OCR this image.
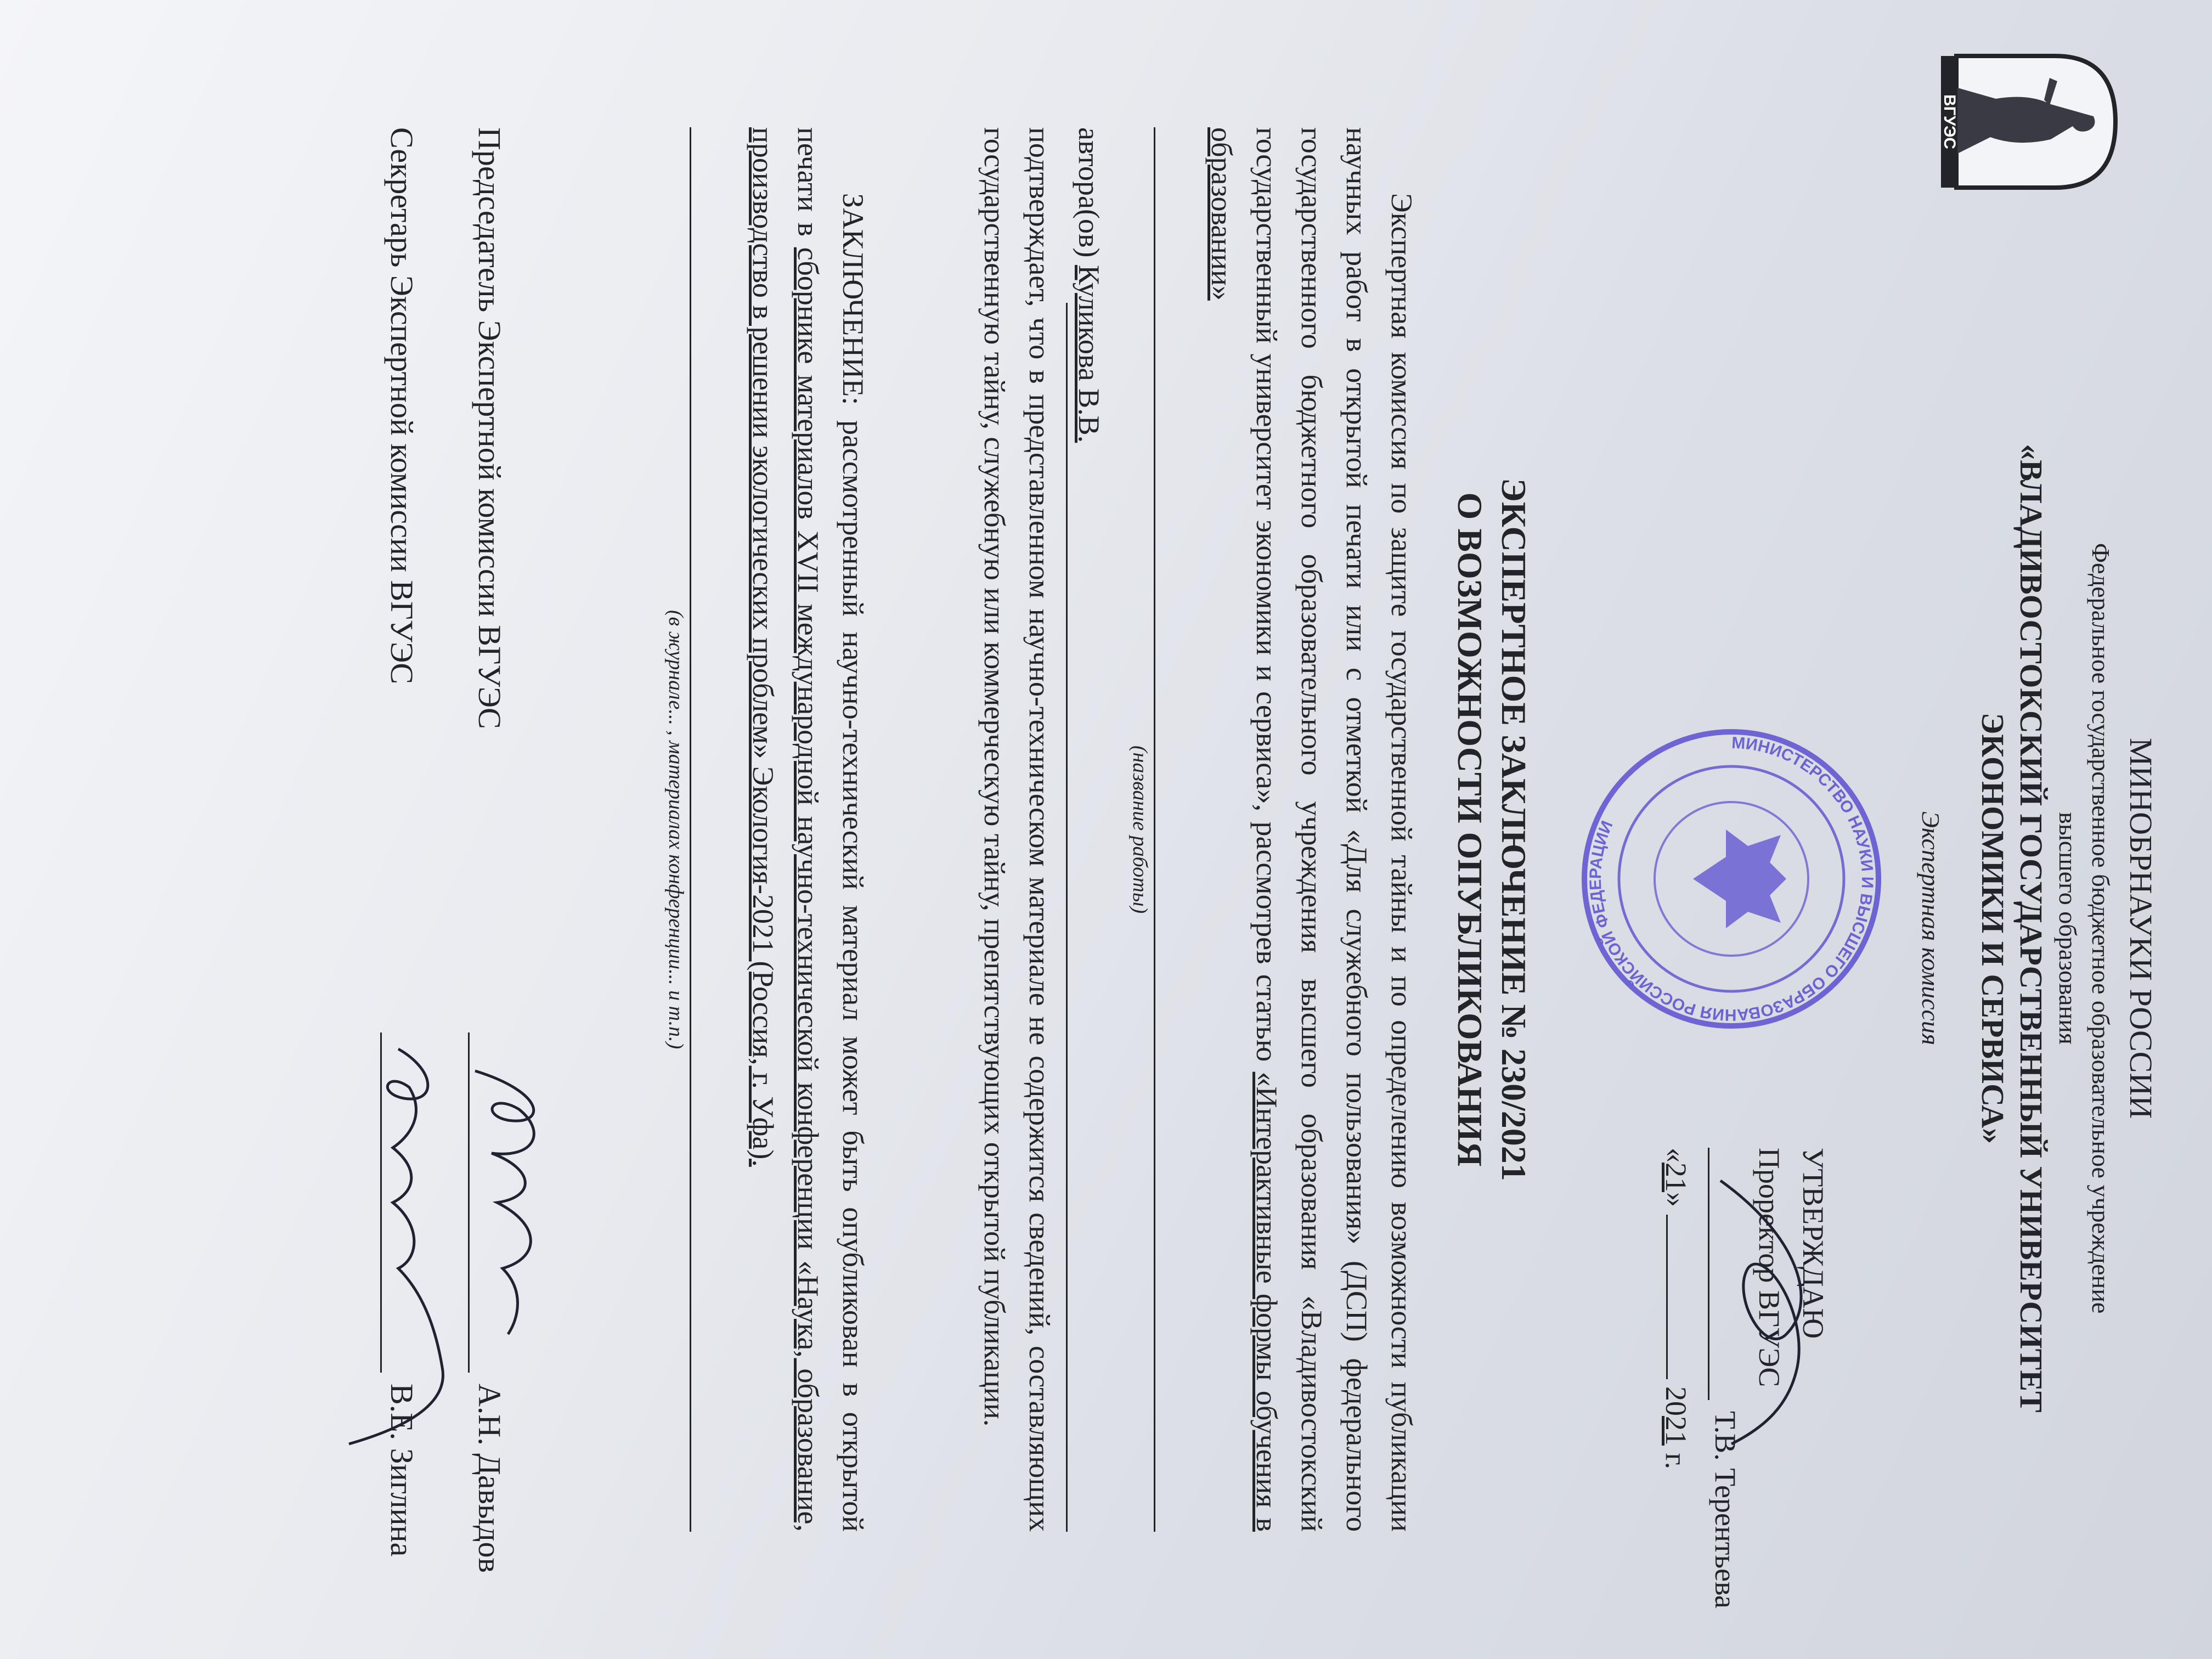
ВГУЭС
МИНОБРНАУКИ РОССИИ
Федеральное государственное бюджетное образовательное учреждение
высшего образования
«ВЛАДИВОСТОКСКИЙ ГОСУДАРСТВЕННЫЙ УНИВЕРСИТЕТ
ЭКОНОМИКИ И СЕРВИСА»
Экспертная комиссия
УТВЕРЖДАЮ
Проректор ВГУЭС
Т.В. Терентьева
«21»  2021 г.
МИНИСТЕРСТВО НАУКИ И ВЫСШЕГО ОБРАЗОВАНИЯ РОССИЙСКОЙ ФЕДЕРАЦИИ
ЭКСПЕРТНОЕ ЗАКЛЮЧЕНИЕ № 230/2021
О ВОЗМОЖНОСТИ ОПУБЛИКОВАНИЯ
Экспертная комиссия по защите государственной тайны и по определению возможности публикации научных работ в открытой печати или с отметкой «Для служебного пользования» (ДСП) федерального государственного бюджетного образовательного учреждения высшего образования «Владивостокский государственный университет экономики и сервиса», рассмотрев статью «Интерактивные формы обучения в образовании»
(название работы)
автора(ов) Куликова В.В.
подтверждает, что в представленном научно-техническом материале не содержится сведений, составляющих государственную тайну, служебную или коммерческую тайну, препятствующих открытой публикации.
ЗАКЛЮЧЕНИЕ: рассмотренный научно-технический материал может быть опубликован в открытой печати в сборнике материалов XVII международной научно-технической конференции «Наука, образование, производство в решении экологических проблем» Экология-2021 (Россия, г. Уфа).
(в журнале... , материалах конференции... и т.п.)
Председатель Экспертной комиссии ВГУЭС
А.Н. Давыдов
Секретарь Экспертной комиссии ВГУЭС
В.Е. Зиглина
